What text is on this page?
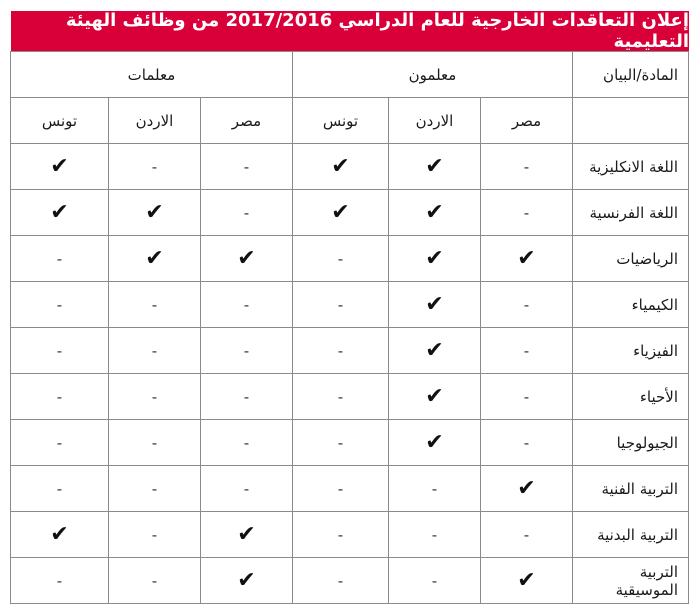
إعلان التعاقدات الخارجية للعام الدراسي 2017/2016 من وظائف الهيئة التعليمية
المادة/البيان	معلمون			معلمات		
	مصر	الاردن	تونس	مصر	الاردن	تونس
اللغة الانكليزية	-	✔	✔	-	-	✔
اللغة الفرنسية	-	✔	✔	-	✔	✔
الرياضيات	✔	✔	-	✔	✔	-
الكيمياء	-	✔	-	-	-	-
الفيزياء	-	✔	-	-	-	-
الأحياء	-	✔	-	-	-	-
الجيولوجيا	-	✔	-	-	-	-
التربية الفنية	✔	-	-	-	-	-
التربية البدنية	-	-	-	✔	-	✔
التربية الموسيقية	✔	-	-	✔	-	-
